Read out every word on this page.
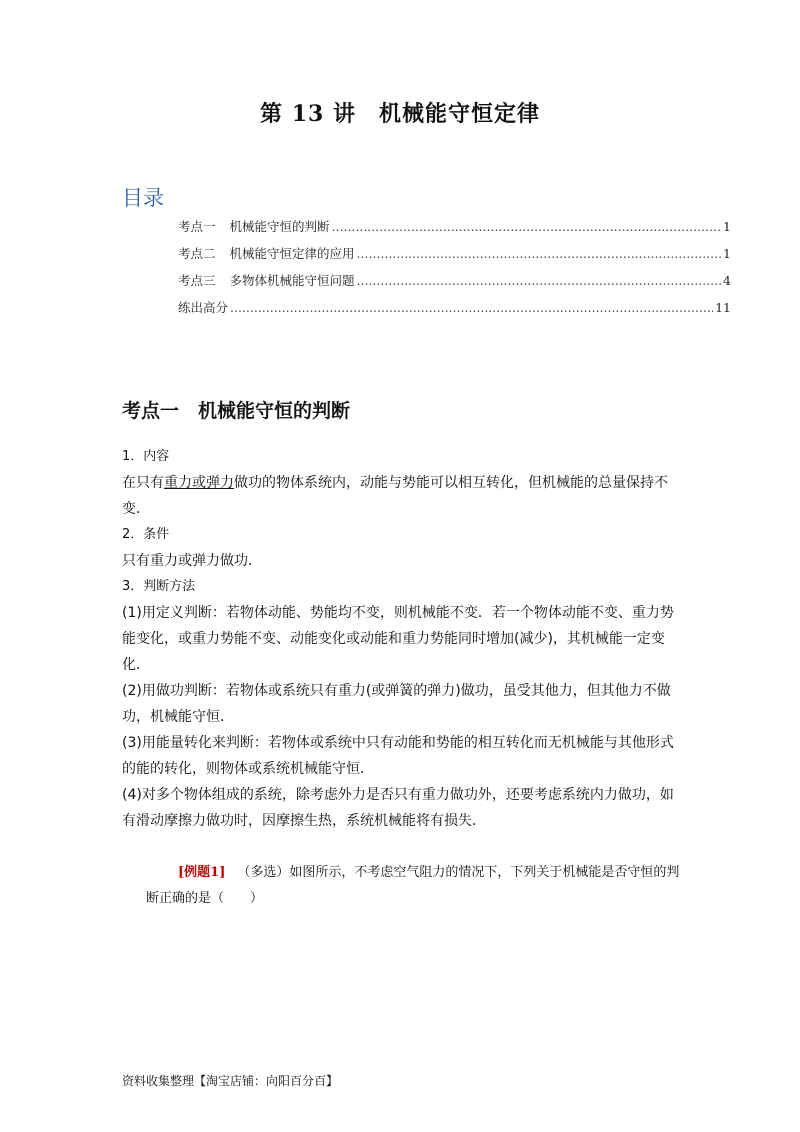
第 13 讲　机械能守恒定律
目录
考点一 机械能守恒的判断 .....	1
考点二 机械能守恒定律的应用 .....	1
考点三 多物体机械能守恒问题 .....	4
练出高分 .....	11
考点一　机械能守恒的判断
1．内容
在只有重力或弹力做功的物体系统内，动能与势能可以相互转化，但机械能的总量保持不变．
2．条件
只有重力或弹力做功．
3．判断方法
(1)用定义判断：若物体动能、势能均不变，则机械能不变．若一个物体动能不变、重力势能变化，或重力势能不变、动能变化或动能和重力势能同时增加(减少)，其机械能一定变化．
(2)用做功判断：若物体或系统只有重力(或弹簧的弹力)做功，虽受其他力，但其他力不做功，机械能守恒．
(3)用能量转化来判断：若物体或系统中只有动能和势能的相互转化而无机械能与其他形式的能的转化，则物体或系统机械能守恒．
(4)对多个物体组成的系统，除考虑外力是否只有重力做功外，还要考虑系统内力做功，如有滑动摩擦力做功时，因摩擦生热，系统机械能将有损失．
[例题1] （多选）如图所示，不考虑空气阻力的情况下，下列关于机械能是否守恒的判断正确的是（　　）
资料收集整理【淘宝店铺：向阳百分百】
